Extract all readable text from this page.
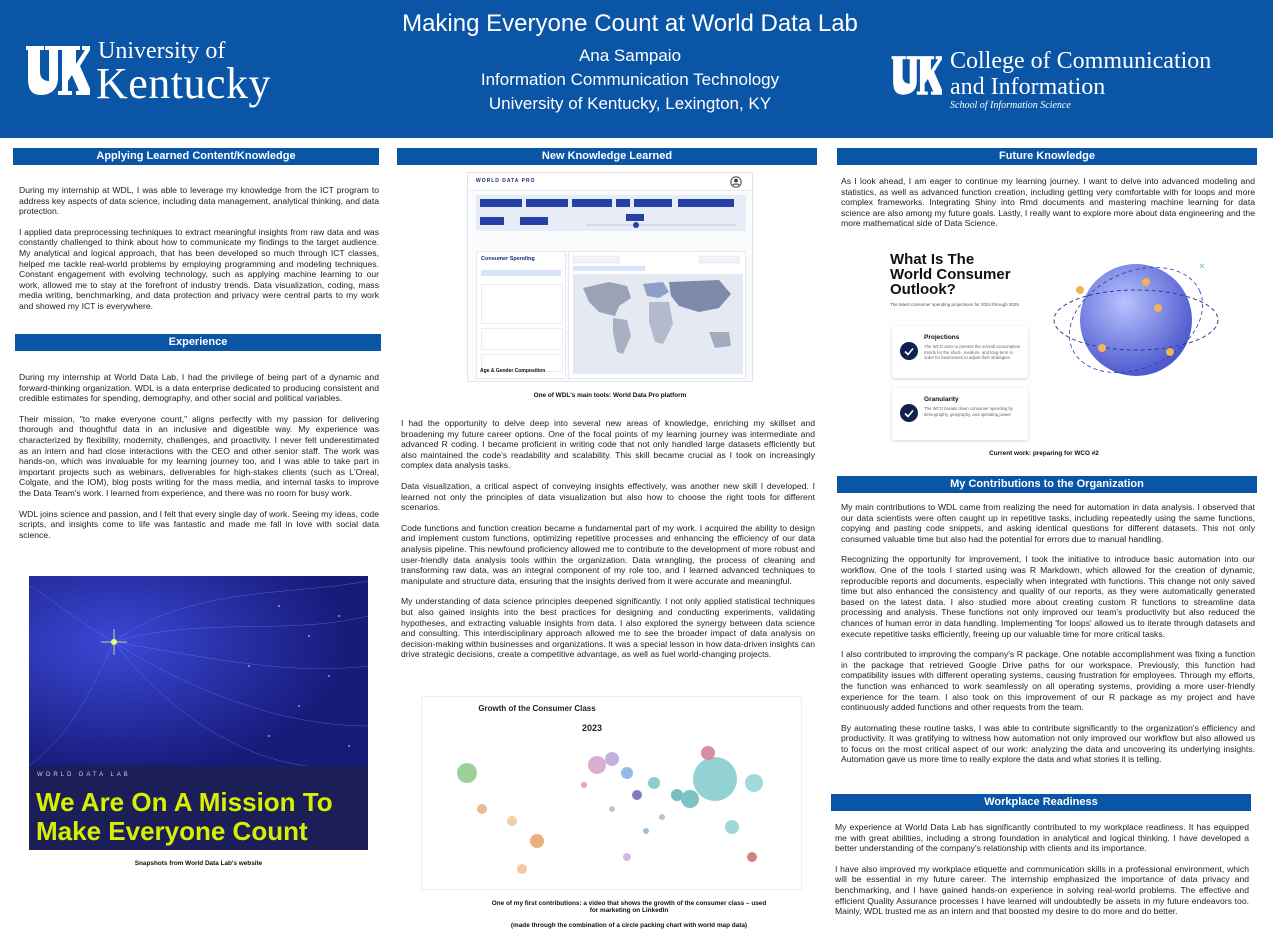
University of
Kentucky
Making Everyone Count at World Data Lab
Ana Sampaio
Information Communication Technology
University of Kentucky, Lexington, KY
College of Communication
and Information
School of Information Science
Applying Learned Content/Knowledge

During my internship at WDL, I was able to leverage my knowledge from the ICT program to address key aspects of data science, including data management, analytical thinking, and data protection.

I applied data preprocessing techniques to extract meaningful insights from raw data and was constantly challenged to think about how to communicate my findings to the target audience. My analytical and logical approach, that has been developed so much through ICT classes, helped me tackle real-world problems by employing programming and modeling techniques. Constant engagement with evolving technology, such as applying machine learning to our work, allowed me to stay at the forefront of industry trends. Data visualization, coding, mass media writing, benchmarking, and data protection and privacy were central parts to my work and showed my ICT is everywhere.

Experience

During my internship at World Data Lab, I had the privilege of being part of a dynamic and forward-thinking organization. WDL is a data enterprise dedicated to producing consistent and credible estimates for spending, demography, and other social and political variables.

Their mission, "to make everyone count," aligns perfectly with my passion for delivering thorough and thoughtful data in an inclusive and digestible way. My experience was characterized by flexibility, modernity, challenges, and proactivity. I never felt underestimated as an intern and had close interactions with the CEO and other senior staff. The work was hands-on, which was invaluable for my learning journey too, and I was able to take part in important projects such as webinars, deliverables for high-stakes clients (such as L'Oreal, Colgate, and the IOM), blog posts writing for the mass media, and internal tasks to improve the Data Team's work. I learned from experience, and there was no room for busy work.

WDL joins science and passion, and I felt that every single day of work. Seeing my ideas, code scripts, and insights come to life was fantastic and made me fall in love with social data science.

WORLD DATA LAB
We Are On A Mission To
Make Everyone Count
Snapshots from World Data Lab's website
New Knowledge Learned
WORLD DATA PRO
Consumer Spending
Age & Gender Composition
One of WDL's main tools: World Data Pro platform

I had the opportunity to delve deep into several new areas of knowledge, enriching my skillset and broadening my future career options. One of the focal points of my learning journey was intermediate and advanced R coding. I became proficient in writing code that not only handled large datasets efficiently but also maintained the code's readability and scalability. This skill became crucial as I took on increasingly complex data analysis tasks.

Data visualization, a critical aspect of conveying insights effectively, was another new skill I developed. I learned not only the principles of data visualization but also how to choose the right tools for different scenarios.

Code functions and function creation became a fundamental part of my work. I acquired the ability to design and implement custom functions, optimizing repetitive processes and enhancing the efficiency of our data analysis pipeline. This newfound proficiency allowed me to contribute to the development of more robust and user-friendly data analysis tools within the organization. Data wrangling, the process of cleaning and transforming raw data, was an integral component of my role too, and I learned advanced techniques to manipulate and structure data, ensuring that the insights derived from it were accurate and meaningful.

My understanding of data science principles deepened significantly. I not only applied statistical techniques but also gained insights into the best practices for designing and conducting experiments, validating hypotheses, and extracting valuable insights from data. I also explored the synergy between data science and consulting. This interdisciplinary approach allowed me to see the broader impact of data analysis on decision-making within businesses and organizations. It was a special lesson in how data-driven insights can drive strategic decisions, create a competitive advantage, as well as fuel world-changing projects.

Growth of the Consumer Class
2023
One of my first contributions: a video that shows the growth of the consumer class – used for marketing on LinkedIn
(made through the combination of a circle packing chart with world map data)
Future Knowledge

As I look ahead, I am eager to continue my learning journey. I want to delve into advanced modeling and statistics, as well as advanced function creation, including getting very comfortable with for loops and more complex frameworks. Integrating Shiny into Rmd documents and mastering machine learning for data science are also among my future goals. Lastly, I really want to explore more about data engineering and the more mathematical side of Data Science.

What Is The
World Consumer
Outlook?
The latest consumer spending projections for 2024 through 2025.
Projections
The WCO aims to present the overall consumption trends for the short-, medium- and long-term in order for businesses to adjust their strategies
Granularity
The WCO breaks down consumer spending by demography, geography, and spending power
Current work: preparing for WCO #2
My Contributions to the Organization

My main contributions to WDL came from realizing the need for automation in data analysis. I observed that our data scientists were often caught up in repetitive tasks, including repeatedly using the same functions, copying and pasting code snippets, and asking identical questions for different datasets. This not only consumed valuable time but also had the potential for errors due to manual handling.

Recognizing the opportunity for improvement, I took the initiative to introduce basic automation into our workflow. One of the tools I started using was R Markdown, which allowed for the creation of dynamic, reproducible reports and documents, especially when integrated with functions. This change not only saved time but also enhanced the consistency and quality of our reports, as they were automatically generated based on the latest data. I also studied more about creating custom R functions to streamline data processing and analysis. These functions not only improved our team's productivity but also reduced the chances of human error in data handling. Implementing 'for loops' allowed us to iterate through datasets and execute repetitive tasks efficiently, freeing up our valuable time for more critical tasks.

I also contributed to improving the company's R package. One notable accomplishment was fixing a function in the package that retrieved Google Drive paths for our workspace. Previously, this function had compatibility issues with different operating systems, causing frustration for employees. Through my efforts, the function was enhanced to work seamlessly on all operating systems, providing a more user-friendly experience for the team. I also took on this improvement of our R package as my project and have continuously added functions and other requests from the team.

By automating these routine tasks, I was able to contribute significantly to the organization's efficiency and productivity. It was gratifying to witness how automation not only improved our workflow but also allowed us to focus on the most critical aspect of our work: analyzing the data and uncovering its underlying insights. Automation gave us more time to really explore the data and what stories it is telling.

Workplace Readiness

My experience at World Data Lab has significantly contributed to my workplace readiness. It has equipped me with great abilities, including a strong foundation in analytical and logical thinking. I have developed a better understanding of the company's relationship with clients and its importance.

I have also improved my workplace etiquette and communication skills in a professional environment, which will be essential in my future career. The internship emphasized the importance of data privacy and benchmarking, and I have gained hands-on experience in solving real-world problems. The effective and efficient Quality Assurance processes I have learned will undoubtedly be assets in my future endeavors too. Mainly, WDL trusted me as an intern and that boosted my desire to do more and do better.
